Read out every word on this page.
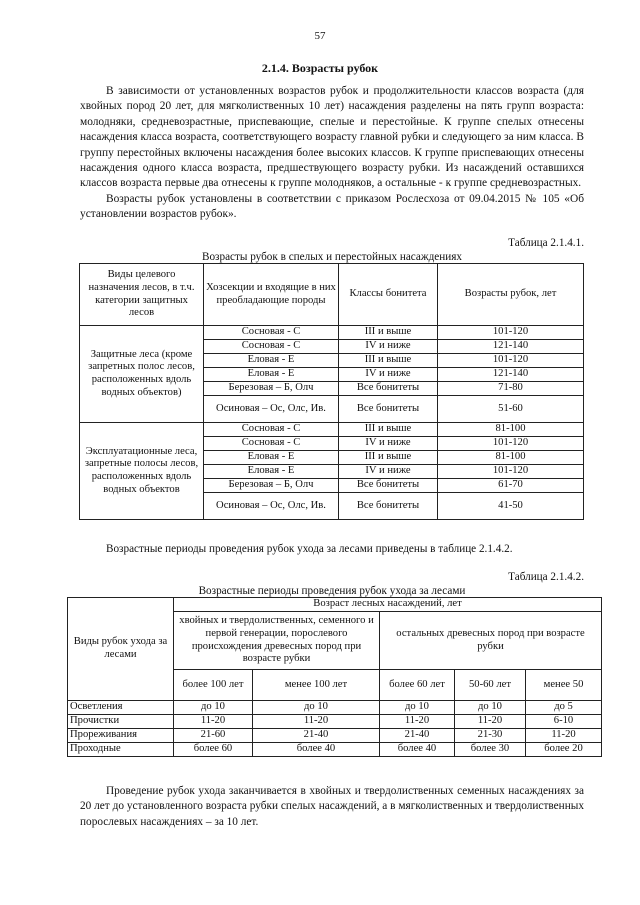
57
2.1.4. Возрасты рубок

В зависимости от установленных возрастов рубок и продолжительности классов возраста (для хвойных пород 20 лет, для мягколиственных 10 лет) насаждения разделены на пять групп возраста: молодняки, средневозрастные, приспевающие, спелые и перестойные. К группе спелых отнесены насаждения класса возраста, соответствующего возрасту главной рубки и следующего за ним класса. В группу перестойных включены насаждения более высоких классов. К группе приспевающих отнесены насаждения одного класса возраста, предшествующего возрасту рубки. Из насаждений оставшихся классов возраста первые два отнесены к группе молодняков, а остальные - к группе средневозрастных.

Возрасты рубок установлены в соответствии с приказом Рослесхоза от 09.04.2015 № 105 «Об установлении возрастов рубок».

Таблица 2.1.4.1.
Возрасты рубок в спелых и перестойных насаждениях
Виды целевого назначения лесов, в т.ч. категории защитных лесов	Хозсекции и входящие в них преобладающие породы	Классы бонитета	Возрасты рубок, лет
Защитные леса (кроме запретных полос лесов, расположенных вдоль водных объектов)	Сосновая - С	III и выше	101-120
	Сосновая - С	IV и ниже	121-140
	Еловая - Е	III и выше	101-120
	Еловая - Е	IV и ниже	121-140
	Березовая – Б, Олч	Все бонитеты	71-80
	Осиновая – Ос, Олс, Ив.	Все бонитеты	51-60
Эксплуатационные леса, запретные полосы лесов, расположенных вдоль водных объектов	Сосновая - С	III и выше	81-100
	Сосновая - С	IV и ниже	101-120
	Еловая - Е	III и выше	81-100
	Еловая - Е	IV и ниже	101-120
	Березовая – Б, Олч	Все бонитеты	61-70
	Осиновая – Ос, Олс, Ив.	Все бонитеты	41-50
Возрастные периоды проведения рубок ухода за лесами приведены в таблице 2.1.4.2.
Таблица 2.1.4.2.
Возрастные периоды проведения рубок ухода за лесами
Виды рубок ухода за лесами	Возраст лесных насаждений, лет				
	хвойных и твердолиственных, семенного и первой генерации, порослевого происхождения древесных пород при возрасте рубки		остальных древесных пород при возрасте рубки		
	более 100 лет	менее 100 лет	более 60 лет	50-60 лет	менее 50
Осветления	до 10	до 10	до 10	до 10	до 5
Прочистки	11-20	11-20	11-20	11-20	6-10
Прореживания	21-60	21-40	21-40	21-30	11-20
Проходные	более 60	более 40	более 40	более 30	более 20

Проведение рубок ухода заканчивается в хвойных и твердолиственных семенных насаждениях за 20 лет до установленного возраста рубки спелых насаждений, а в мягколиственных и твердолиственных порослевых насаждениях – за 10 лет.
